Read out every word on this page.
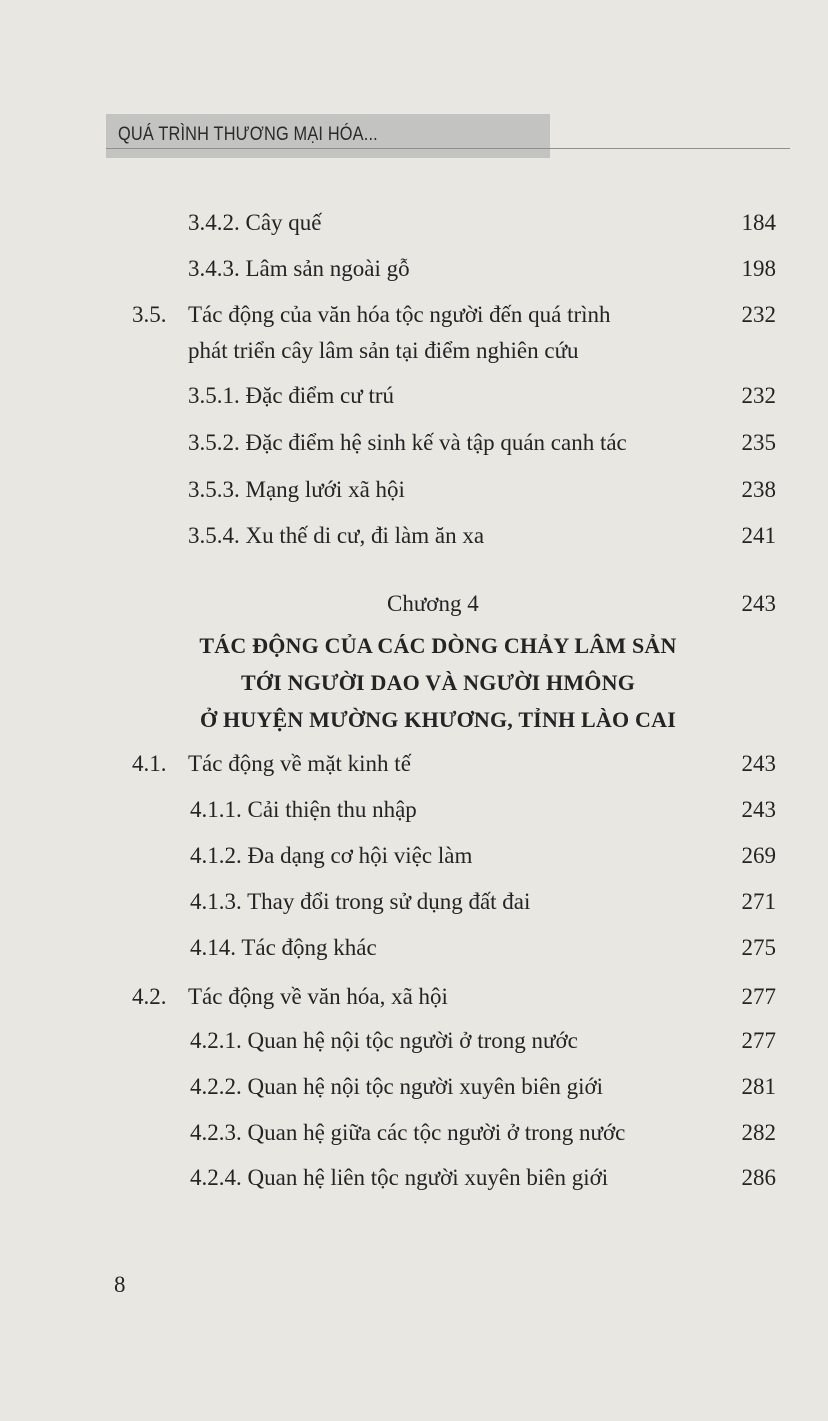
QUÁ TRÌNH THƯƠNG MẠI HÓA...
3.4.2. Cây quế	184
3.4.3. Lâm sản ngoài gỗ	198
3.5. Tác động của văn hóa tộc người đến quá trình	232
phát triển cây lâm sản tại điểm nghiên cứu
3.5.1. Đặc điểm cư trú	232
3.5.2. Đặc điểm hệ sinh kế và tập quán canh tác	235
3.5.3. Mạng lưới xã hội	238
3.5.4. Xu thế di cư, đi làm ăn xa	241
Chương 4	243
TÁC ĐỘNG CỦA CÁC DÒNG CHẢY LÂM SẢN
TỚI NGƯỜI DAO VÀ NGƯỜI HMÔNG
Ở HUYỆN MƯỜNG KHƯƠNG, TỈNH LÀO CAI
4.1. Tác động về mặt kinh tế	243
4.1.1. Cải thiện thu nhập	243
4.1.2. Đa dạng cơ hội việc làm	269
4.1.3. Thay đổi trong sử dụng đất đai	271
4.14. Tác động khác	275
4.2. Tác động về văn hóa, xã hội	277
4.2.1. Quan hệ nội tộc người ở trong nước	277
4.2.2. Quan hệ nội tộc người xuyên biên giới	281
4.2.3. Quan hệ giữa các tộc người ở trong nước	282
4.2.4. Quan hệ liên tộc người xuyên biên giới	286
8
